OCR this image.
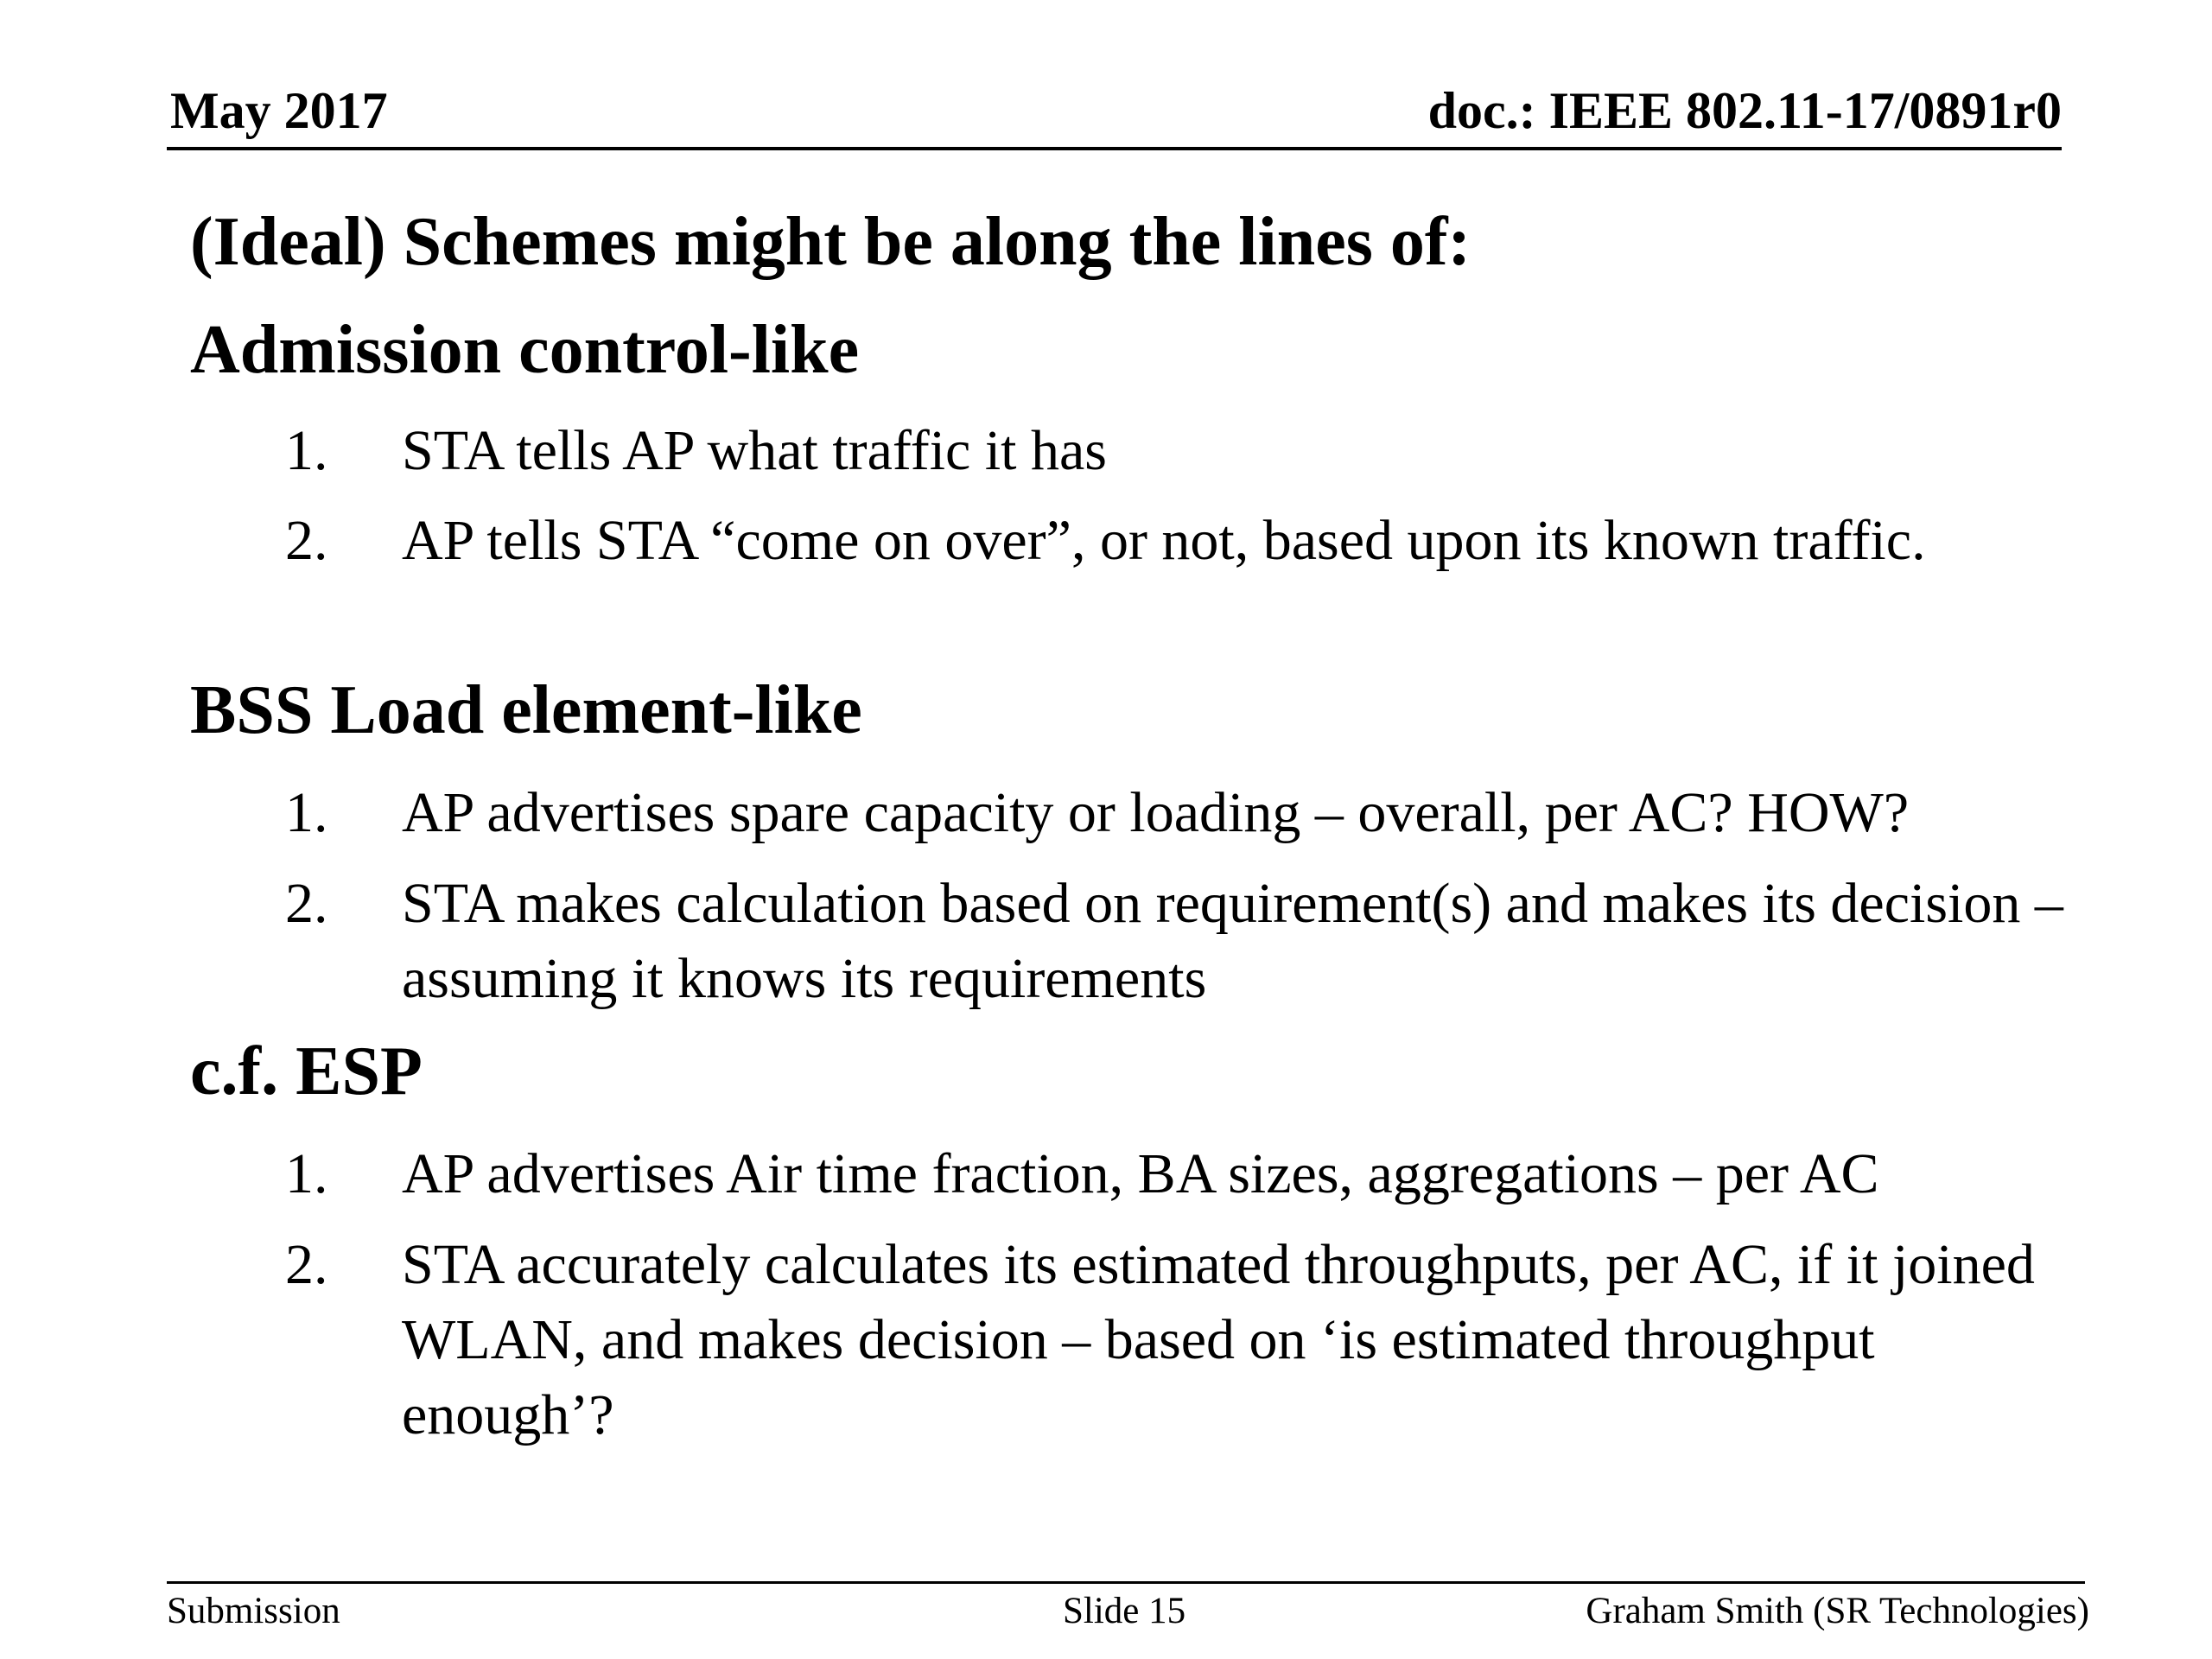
May 2017	doc.: IEEE 802.11-17/0891r0
(Ideal) Schemes might be along the lines of:
Admission control-like
1. STA tells AP what traffic it has
2. AP tells STA “come on over”, or not, based upon its known traffic.
BSS Load element-like
1. AP advertises spare capacity or loading – overall, per AC? HOW?
2. STA makes calculation based on requirement(s) and makes its decision – assuming it knows its requirements
c.f. ESP
1. AP advertises Air time fraction, BA sizes, aggregations – per AC
2. STA accurately calculates its estimated throughputs, per AC, if it joined WLAN, and makes decision – based on ‘is estimated throughput enough’?
Submission	Slide 15	Graham Smith (SR Technologies)
